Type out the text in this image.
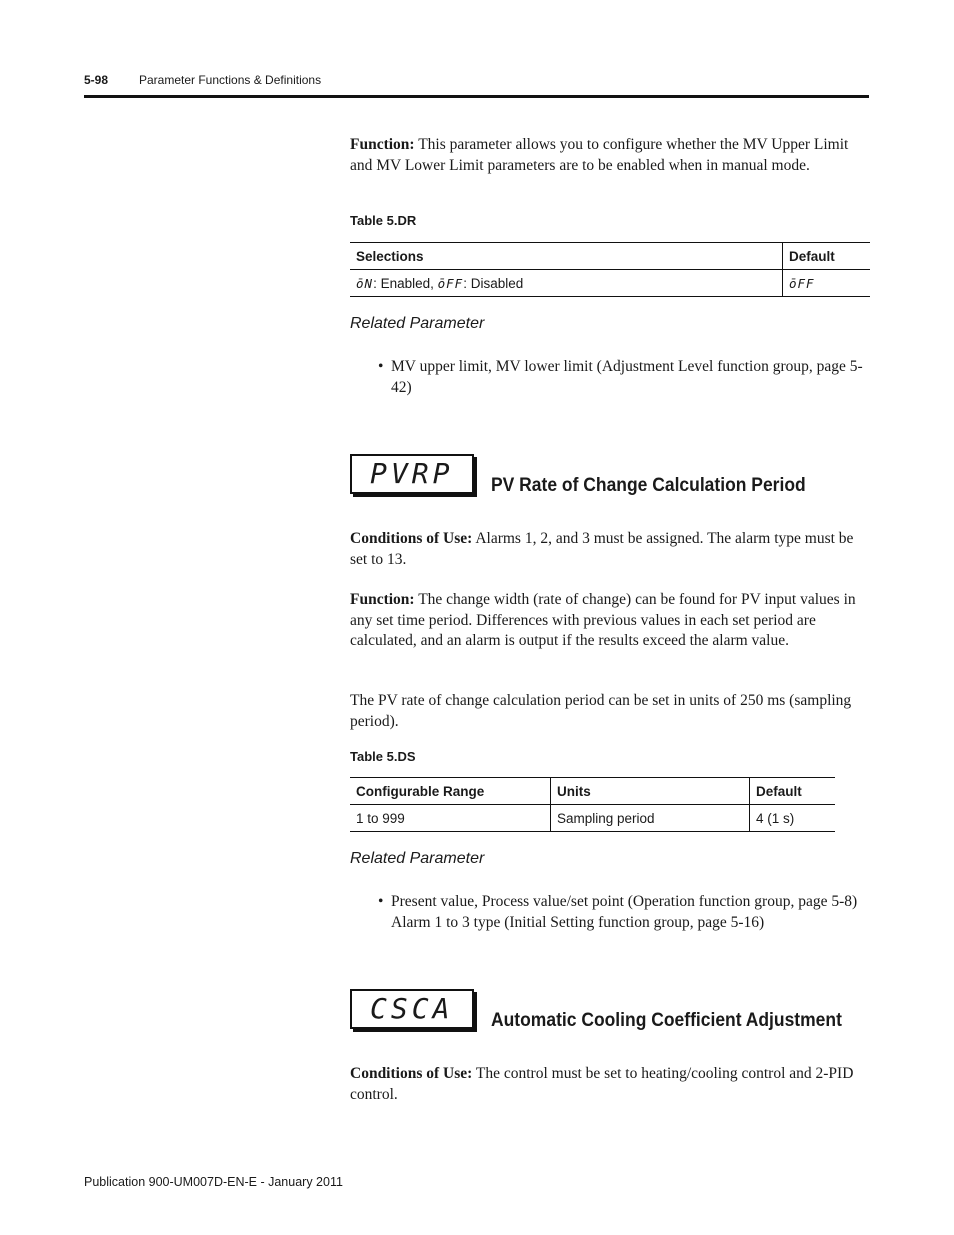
5-98	Parameter Functions & Definitions
Function: This parameter allows you to configure whether the MV Upper Limit and MV Lower Limit parameters are to be enabled when in manual mode.
Table 5.DR
Selections	Default
ōN: Enabled, ōFF: Disabled	ōFF
Related Parameter
• MV upper limit, MV lower limit (Adjustment Level function group, page 5-42)
PVRP PV Rate of Change Calculation Period
Conditions of Use: Alarms 1, 2, and 3 must be assigned. The alarm type must be set to 13.
Function: The change width (rate of change) can be found for PV input values in any set time period. Differences with previous values in each set period are calculated, and an alarm is output if the results exceed the alarm value.
The PV rate of change calculation period can be set in units of 250 ms (sampling period).
Table 5.DS
Configurable Range	Units	Default
1 to 999	Sampling period	4 (1 s)
Related Parameter
• Present value, Process value/set point (Operation function group, page 5-8) Alarm 1 to 3 type (Initial Setting function group, page 5-16)
CSCA Automatic Cooling Coefficient Adjustment
Conditions of Use: The control must be set to heating/cooling control and 2-PID control.
Publication 900-UM007D-EN-E - January 2011
